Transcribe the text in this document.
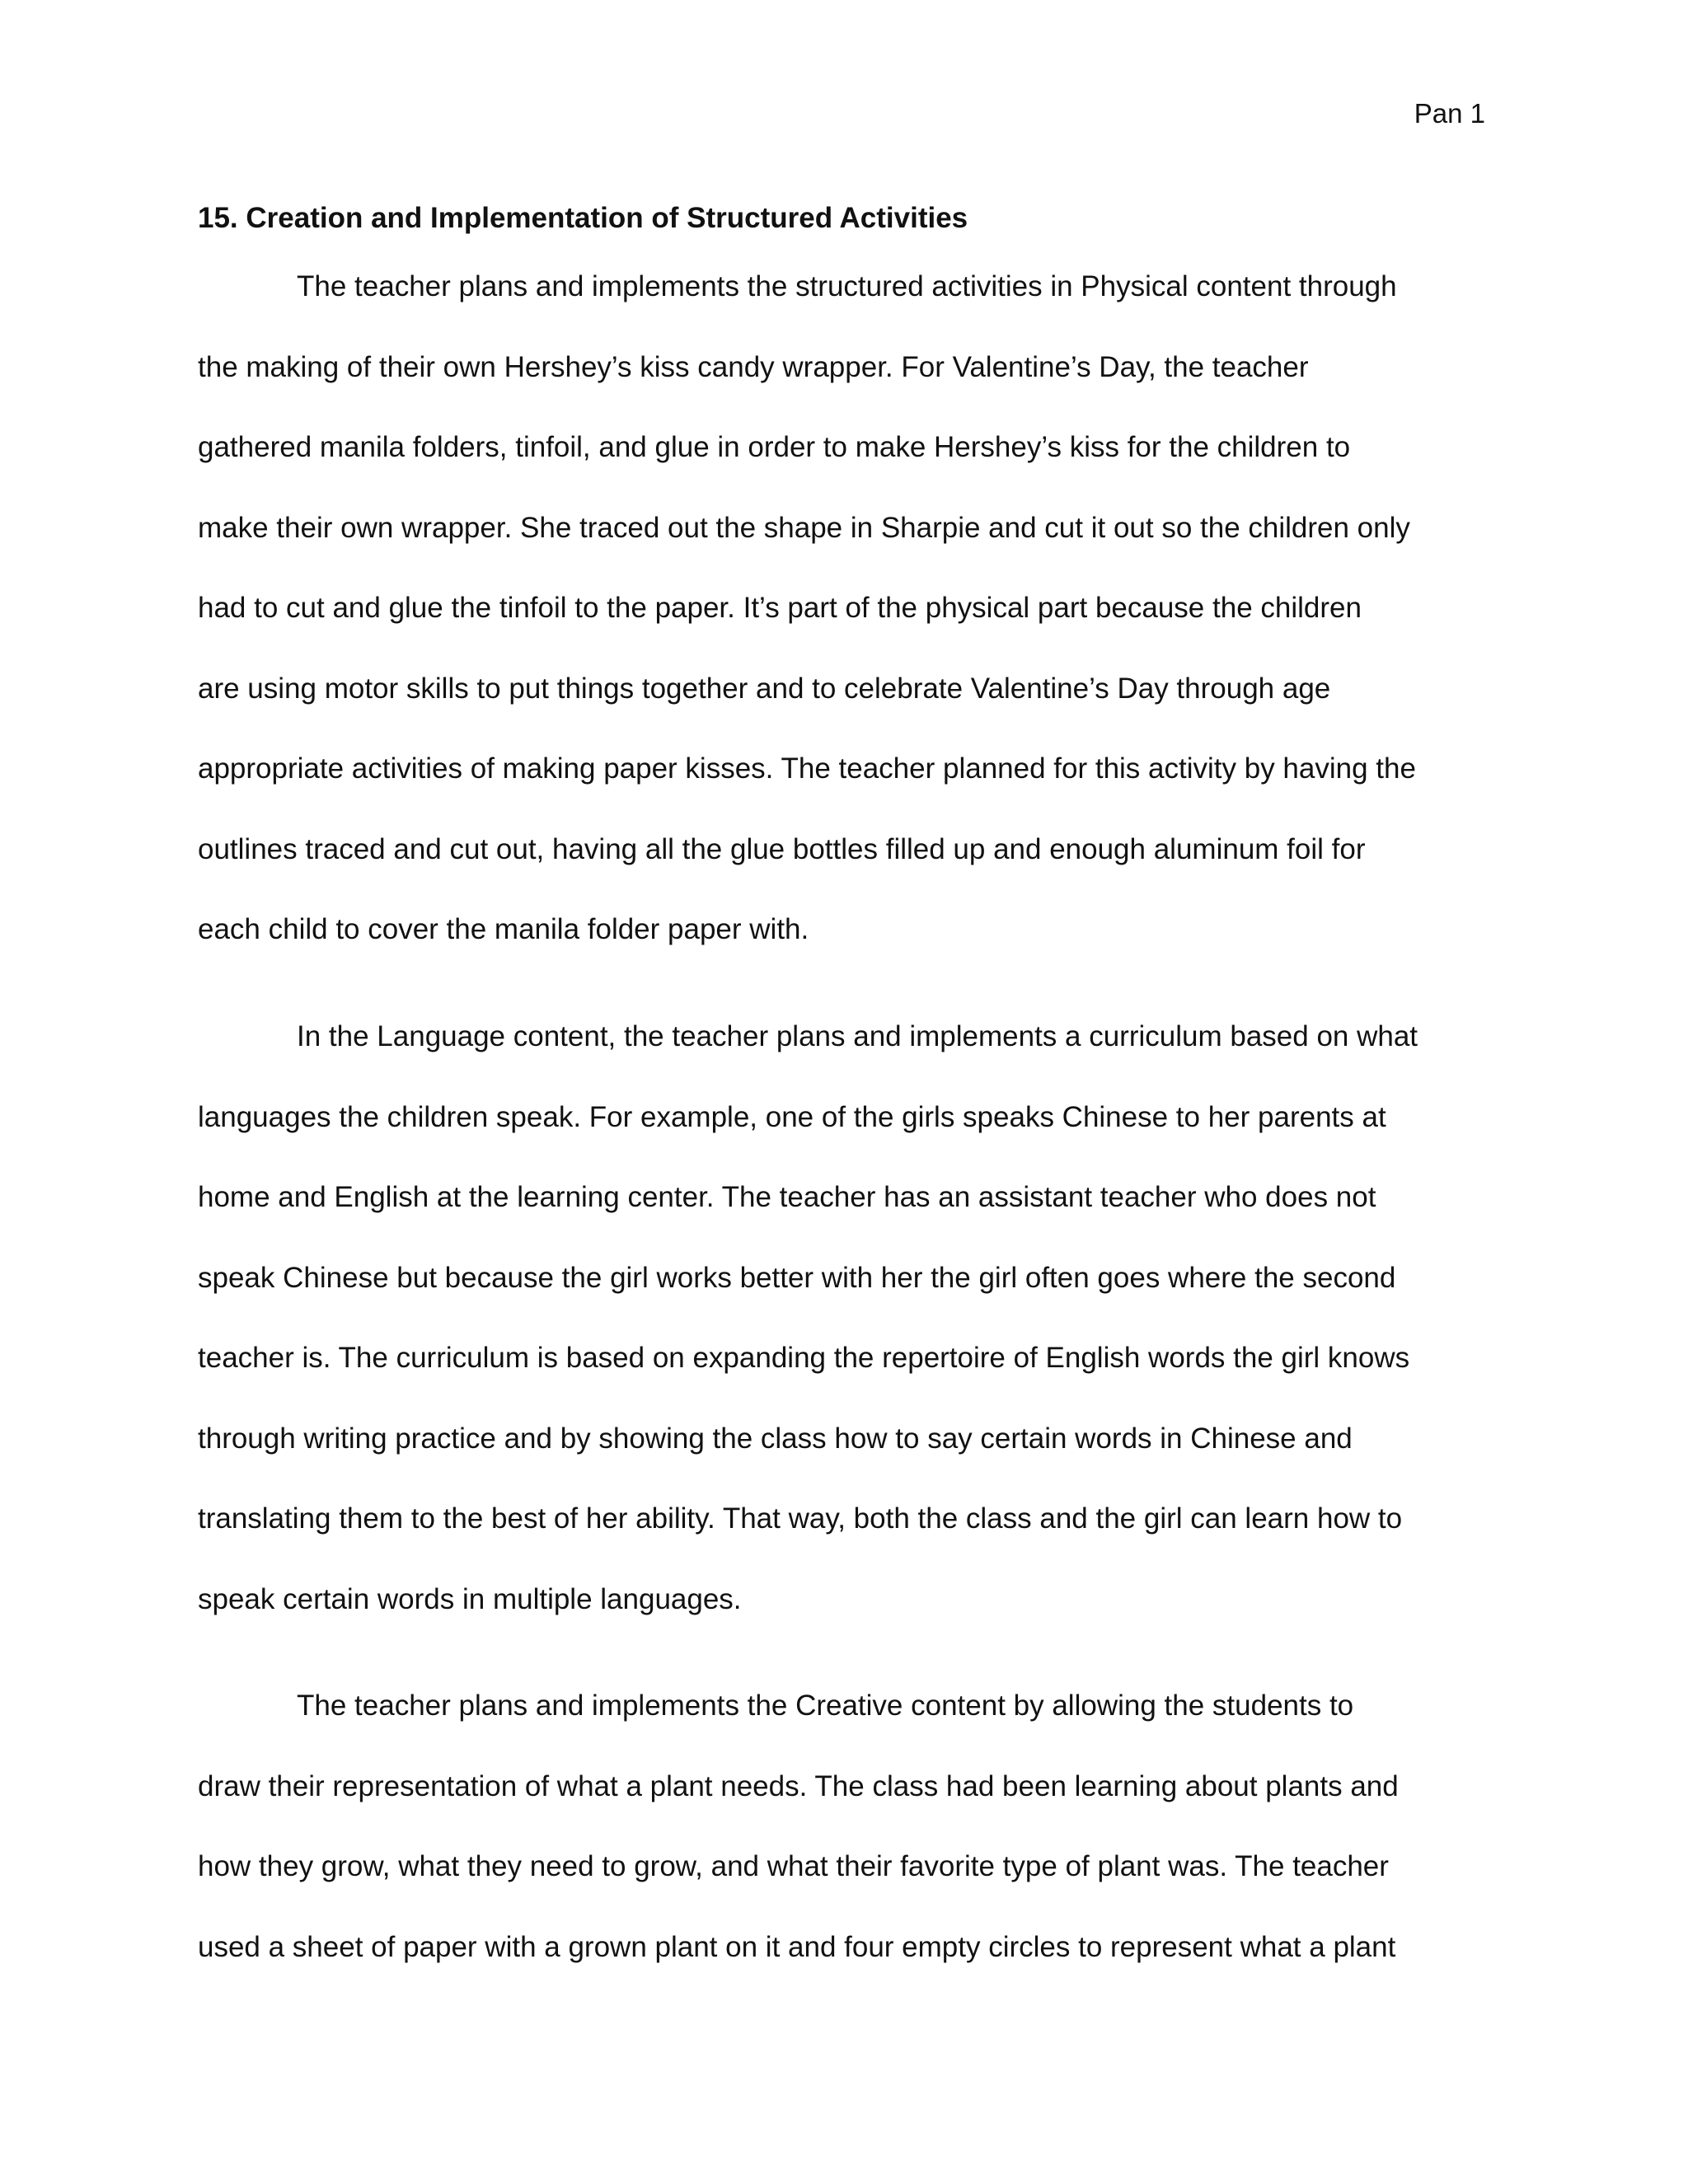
Pan 1
15. Creation and Implementation of Structured Activities
The teacher plans and implements the structured activities in Physical content through
the making of their own Hershey’s kiss candy wrapper. For Valentine’s Day, the teacher
gathered manila folders, tinfoil, and glue in order to make Hershey’s kiss for the children to
make their own wrapper. She traced out the shape in Sharpie and cut it out so the children only
had to cut and glue the tinfoil to the paper. It’s part of the physical part because the children
are using motor skills to put things together and to celebrate Valentine’s Day through age
appropriate activities of making paper kisses. The teacher planned for this activity by having the
outlines traced and cut out, having all the glue bottles filled up and enough aluminum foil for
each child to cover the manila folder paper with.
In the Language content, the teacher plans and implements a curriculum based on what
languages the children speak. For example, one of the girls speaks Chinese to her parents at
home and English at the learning center. The teacher has an assistant teacher who does not
speak Chinese but because the girl works better with her the girl often goes where the second
teacher is. The curriculum is based on expanding the repertoire of English words the girl knows
through writing practice and by showing the class how to say certain words in Chinese and
translating them to the best of her ability. That way, both the class and the girl can learn how to
speak certain words in multiple languages.
The teacher plans and implements the Creative content by allowing the students to
draw their representation of what a plant needs. The class had been learning about plants and
how they grow, what they need to grow, and what their favorite type of plant was. The teacher
used a sheet of paper with a grown plant on it and four empty circles to represent what a plant
